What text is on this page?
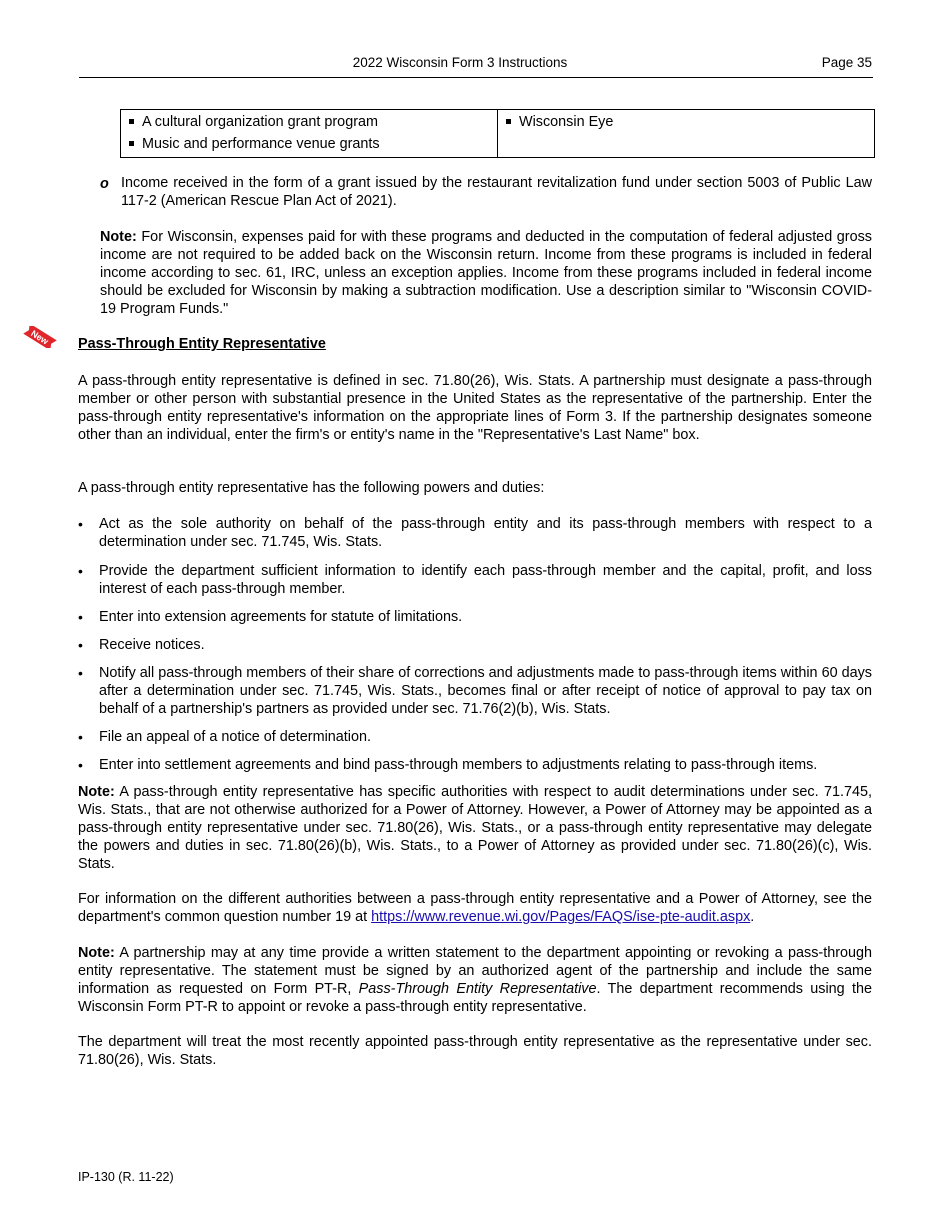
2022 Wisconsin Form 3 Instructions	Page 35
A cultural organization grant program
Music and performance venue grants

Wisconsin Eye
o Income received in the form of a grant issued by the restaurant revitalization fund under section 5003 of Public Law 117-2 (American Rescue Plan Act of 2021).
Note: For Wisconsin, expenses paid for with these programs and deducted in the computation of federal adjusted gross income are not required to be added back on the Wisconsin return. Income from these programs is included in federal income according to sec. 61, IRC, unless an exception applies. Income from these programs included in federal income should be excluded for Wisconsin by making a subtraction modification. Use a description similar to "Wisconsin COVID-19 Program Funds."
New Pass-Through Entity Representative
A pass-through entity representative is defined in sec. 71.80(26), Wis. Stats. A partnership must designate a pass-through member or other person with substantial presence in the United States as the representative of the partnership. Enter the pass-through entity representative's information on the appropriate lines of Form 3. If the partnership designates someone other than an individual, enter the firm's or entity's name in the "Representative's Last Name" box.
A pass-through entity representative has the following powers and duties:
•	Act as the sole authority on behalf of the pass-through entity and its pass-through members with respect to a determination under sec. 71.745, Wis. Stats.
•	Provide the department sufficient information to identify each pass-through member and the capital, profit, and loss interest of each pass-through member.
•	Enter into extension agreements for statute of limitations.
•	Receive notices.
•	Notify all pass-through members of their share of corrections and adjustments made to pass-through items within 60 days after a determination under sec. 71.745, Wis. Stats., becomes final or after receipt of notice of approval to pay tax on behalf of a partnership's partners as provided under sec. 71.76(2)(b), Wis. Stats.
•	File an appeal of a notice of determination.
•	Enter into settlement agreements and bind pass-through members to adjustments relating to pass-through items.
Note: A pass-through entity representative has specific authorities with respect to audit determinations under sec. 71.745, Wis. Stats., that are not otherwise authorized for a Power of Attorney. However, a Power of Attorney may be appointed as a pass-through entity representative under sec. 71.80(26), Wis. Stats., or a pass-through entity representative may delegate the powers and duties in sec. 71.80(26)(b), Wis. Stats., to a Power of Attorney as provided under sec. 71.80(26)(c), Wis. Stats.
For information on the different authorities between a pass-through entity representative and a Power of Attorney, see the department's common question number 19 at https://www.revenue.wi.gov/Pages/FAQS/ise-pte-audit.aspx.
Note: A partnership may at any time provide a written statement to the department appointing or revoking a pass-through entity representative. The statement must be signed by an authorized agent of the partnership and include the same information as requested on Form PT-R, Pass-Through Entity Representative. The department recommends using the Wisconsin Form PT-R to appoint or revoke a pass-through entity representative.
The department will treat the most recently appointed pass-through entity representative as the representative under sec. 71.80(26), Wis. Stats.
IP-130 (R. 11-22)
